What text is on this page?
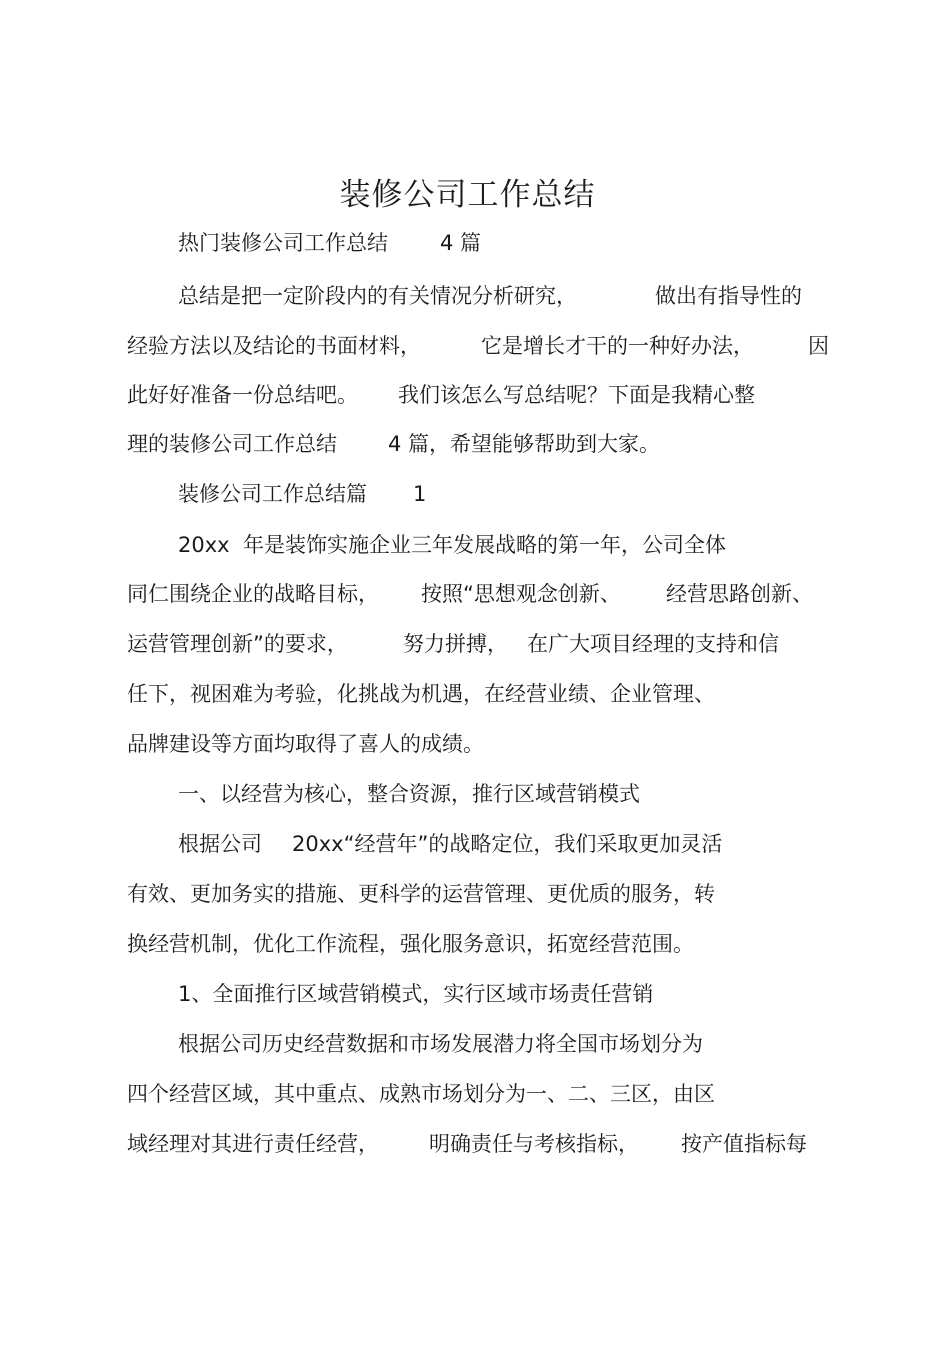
装修公司工作总结
热门装修公司工作总结 4 篇
总结是把一定阶段内的有关情况分析研究，	做出有指导性的
经验方法以及结论的书面材料，	它是增长才干的一种好办法，	因
此好好准备一份总结吧。 我们该怎么写总结呢？下面是我精心整
理的装修公司工作总结 4 篇，希望能够帮助到大家。
装修公司工作总结篇 1
20xx 年是装饰实施企业三年发展战略的第一年，公司全体
同仁围绕企业的战略目标， 按照“思想观念创新、 经营思路创新、
运营管理创新”的要求，	努力拼搏， 在广大项目经理的支持和信
任下，视困难为考验，化挑战为机遇，在经营业绩、企业管理、
品牌建设等方面均取得了喜人的成绩。
一、以经营为核心，整合资源，推行区域营销模式
根据公司 20xx“经营年”的战略定位，我们采取更加灵活
有效、更加务实的措施、更科学的运营管理、更优质的服务，转
换经营机制，优化工作流程，强化服务意识，拓宽经营范围。
1、全面推行区域营销模式，实行区域市场责任营销
根据公司历史经营数据和市场发展潜力将全国市场划分为
四个经营区域，其中重点、成熟市场划分为一、二、三区，由区
域经理对其进行责任经营， 明确责任与考核指标， 按产值指标每
